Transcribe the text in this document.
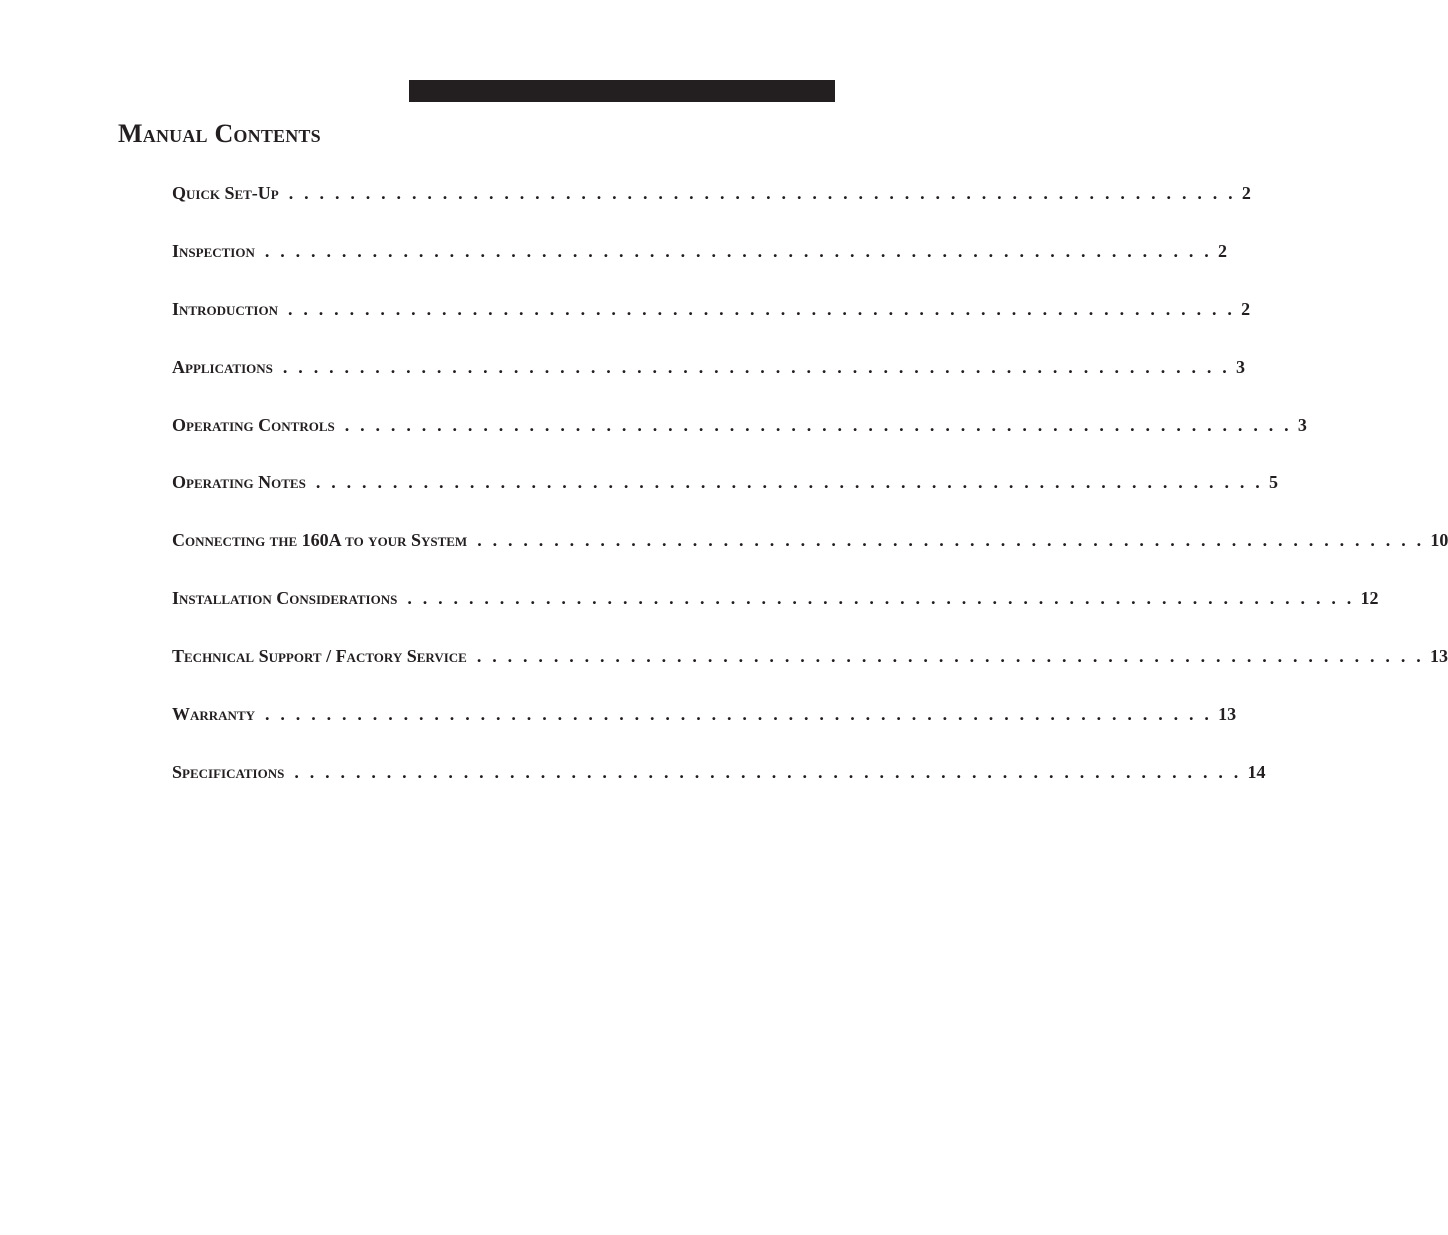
Manual Contents
Quick Set-Up . . . . . . . . . . . . . . . . . . . . . . . . . . . . . . . . . . . . . . . . . . . . . . . . . . . . . . . . . . . . . . 2
Inspection . . . . . . . . . . . . . . . . . . . . . . . . . . . . . . . . . . . . . . . . . . . . . . . . . . . . . . . . . . . . . . 2
Introduction . . . . . . . . . . . . . . . . . . . . . . . . . . . . . . . . . . . . . . . . . . . . . . . . . . . . . . . . . . . . . . 2
Applications . . . . . . . . . . . . . . . . . . . . . . . . . . . . . . . . . . . . . . . . . . . . . . . . . . . . . . . . . . . . . . 3
Operating Controls . . . . . . . . . . . . . . . . . . . . . . . . . . . . . . . . . . . . . . . . . . . . . . . . . . . . . . . . . . . . . . 3
Operating Notes . . . . . . . . . . . . . . . . . . . . . . . . . . . . . . . . . . . . . . . . . . . . . . . . . . . . . . . . . . . . . . 5
Connecting the 160A to your System . . . . . . . . . . . . . . . . . . . . . . . . . . . . . . . . . . . . . . . . . . . . . . . . . . . . . . . . . . . . . . 10
Installation Considerations . . . . . . . . . . . . . . . . . . . . . . . . . . . . . . . . . . . . . . . . . . . . . . . . . . . . . . . . . . . . . . 12
Technical Support / Factory Service . . . . . . . . . . . . . . . . . . . . . . . . . . . . . . . . . . . . . . . . . . . . . . . . . . . . . . . . . . . . . . 13
Warranty . . . . . . . . . . . . . . . . . . . . . . . . . . . . . . . . . . . . . . . . . . . . . . . . . . . . . . . . . . . . . . 13
Specifications . . . . . . . . . . . . . . . . . . . . . . . . . . . . . . . . . . . . . . . . . . . . . . . . . . . . . . . . . . . . . . 14
